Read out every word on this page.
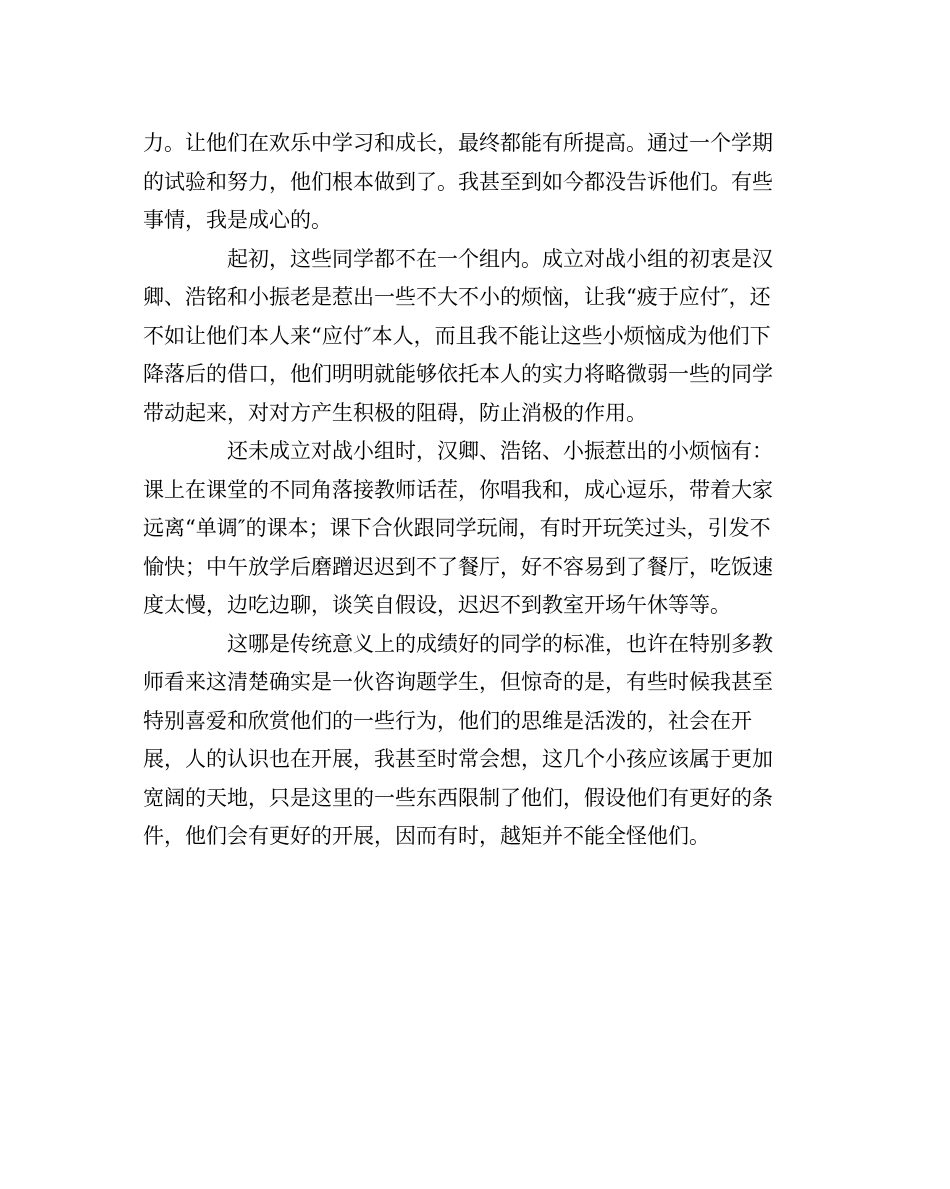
力。让他们在欢乐中学习和成长，最终都能有所提高。通过一个学期
的试验和努力，他们根本做到了。我甚至到如今都没告诉他们。有些
事情，我是成心的。
起初，这些同学都不在一个组内。成立对战小组的初衷是汉
卿、浩铭和小振老是惹出一些不大不小的烦恼，让我“疲于应付″，还
不如让他们本人来“应付″本人，而且我不能让这些小烦恼成为他们下
降落后的借口，他们明明就能够依托本人的实力将略微弱一些的同学
带动起来，对对方产生积极的阻碍，防止消极的作用。
还未成立对战小组时，汉卿、浩铭、小振惹出的小烦恼有：
课上在课堂的不同角落接教师话茬，你唱我和，成心逗乐，带着大家
远离“单调″的课本；课下合伙跟同学玩闹，有时开玩笑过头，引发不
愉快；中午放学后磨蹭迟迟到不了餐厅，好不容易到了餐厅，吃饭速
度太慢，边吃边聊，谈笑自假设，迟迟不到教室开场午休等等。
这哪是传统意义上的成绩好的同学的标准，也许在特别多教
师看来这清楚确实是一伙咨询题学生，但惊奇的是，有些时候我甚至
特别喜爱和欣赏他们的一些行为，他们的思维是活泼的，社会在开
展，人的认识也在开展，我甚至时常会想，这几个小孩应该属于更加
宽阔的天地，只是这里的一些东西限制了他们，假设他们有更好的条
件，他们会有更好的开展，因而有时，越矩并不能全怪他们。
